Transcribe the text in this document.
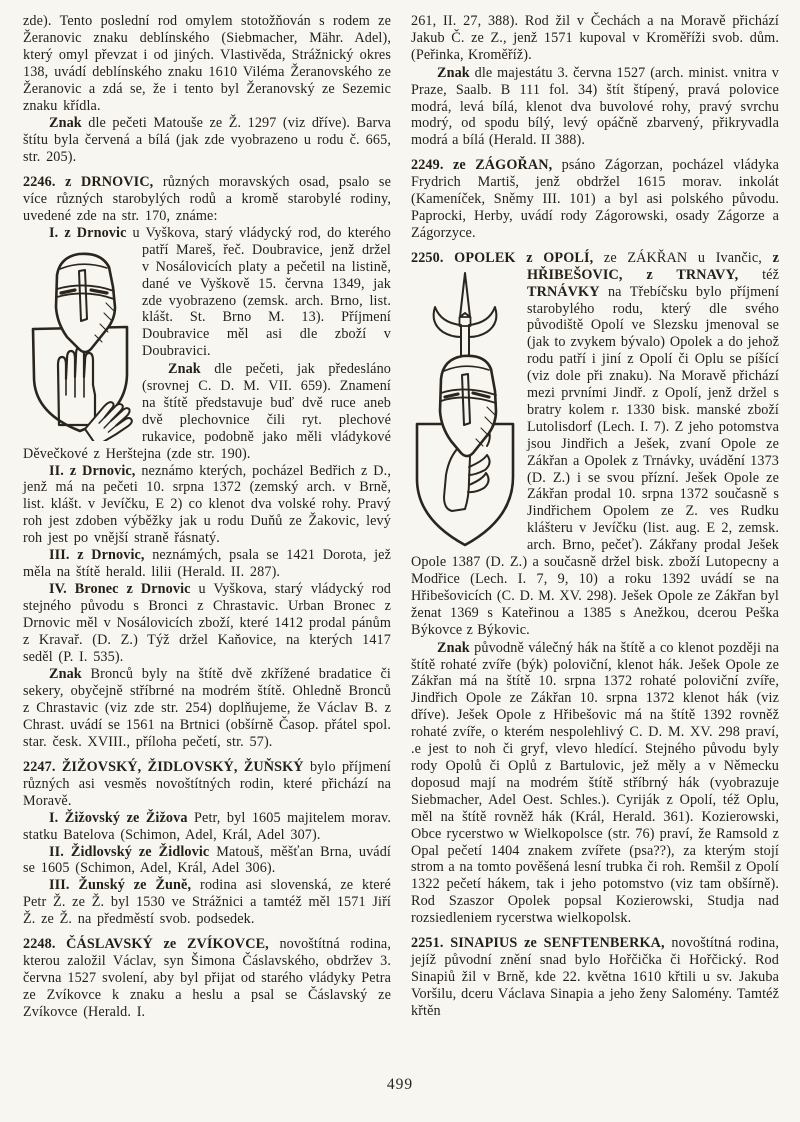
zde). Tento poslední rod omylem stotožňován s rodem ze Žeranovic znaku deblínského (Siebmacher, Mähr. Adel), který omyl převzat i od jiných. Vlastivěda, Strážnický okres 138, uvádí deblínského znaku 1610 Viléma Žeranovského ze Žeranovic a zdá se, že i tento byl Žeranovský ze Sezemic znaku křídla.

Znak dle pečeti Matouše ze Ž. 1297 (viz dříve). Barva štítu byla červená a bílá (jak zde vyobrazeno u rodu č. 665, str. 205).

2246. z DRNOVIC, různých moravských osad, psalo se více různých starobylých rodů a kromě starobylé rodiny, uvedené zde na str. 170, známe:

I. z Drnovic u Vyškova, starý vládycký rod,
do kterého patří Mareš, řeč. Doubravice, jenž držel v Nosálovicích platy a pečetil na listině, dané ve Vyškově 15. června 1349, jak zde vyobrazeno (zemsk. arch. Brno, list. klášt. St. Brno M. 13). Příjmení Doubravice měl asi dle zboží v Doubravici.

Znak dle pečeti, jak předesláno (srovnej C. D. M. VII. 659). Znamení na štítě představuje buď dvě ruce aneb dvě plechovnice čili ryt. plechové rukavice, podobně jako měli vládykové Děvečkové z Herštejna (zde str. 190).

II. z Drnovic, neznámo kterých, pocházel Bedřich z D., jenž má na pečeti 10. srpna 1372 (zemský arch. v Brně, list. klášt. v Jevíčku, E 2) co klenot dva volské rohy. Pravý roh jest zdoben výběžky jak u rodu Duňů ze Žakovic, levý roh jest po vnější straně řásnatý.

III. z Drnovic, neznámých, psala se 1421 Dorota, jež měla na štítě herald. lilii (Herald. II. 287).

IV. Bronec z Drnovic u Vyškova, starý vládycký rod stejného původu s Bronci z Chrastavic. Urban Bronec z Drnovic měl v Nosálovicích zboží, které 1412 prodal pánům z Kravař. (D. Z.) Týž držel Kaňovice, na kterých 1417 seděl (P. I. 535).

Znak Bronců byly na štítě dvě zkřížené bradatice či sekery, obyčejně stříbrné na modrém štítě. Ohledně Bronců z Chrastavic (viz zde str. 254) doplňujeme, že Václav B. z Chrast. uvádí se 1561 na Brtnici (obšírně Časop. přátel spol. star. česk. XVIII., příloha pečetí, str. 57).

2247. ŽIŽOVSKÝ, ŽIDLOVSKÝ, ŽUŇSKÝ bylo příjmení různých asi vesměs novoštítných rodin, které přichází na Moravě.

I. Žižovský ze Žižova Petr, byl 1605 majitelem morav. statku Batelova (Schimon, Adel, Král, Adel 307).

II. Židlovský ze Židlovic Matouš, měšťan Brna, uvádí se 1605 (Schimon, Adel, Král, Adel 306).

III. Žunský ze Žuně, rodina asi slovenská, ze které Petr Ž. ze Ž. byl 1530 ve Strážnici a tamtéž měl 1571 Jiří Ž. ze Ž. na předměstí svob. podsedek.

2248. ČÁSLAVSKÝ ze ZVÍKOVCE, novoštítná rodina, kterou založil Václav, syn Šimona Čáslavského, obdržev 3. června 1527 svolení, aby byl přijat od starého vládyky Petra ze Zvíkovce k znaku a heslu a psal se Čáslavský ze Zvíkovce (Herald. I.

261, II. 27, 388). Rod žil v Čechách a na Moravě přichází Jakub Č. ze Z., jenž 1571 kupoval v Kroměříži svob. dům. (Peřinka, Kroměříž).

Znak dle majestátu 3. června 1527 (arch. minist. vnitra v Praze, Saalb. B 111 fol. 34) štít štípený, pravá polovice modrá, levá bílá, klenot dva buvolové rohy, pravý svrchu modrý, od spodu bílý, levý opáčně zbarvený, přikryvadla modrá a bílá (Herald. II 388).

2249. ze ZÁGOŘAN, psáno Zágorzan, pocházel vládyka Frydrich Martiš, jenž obdržel 1615 morav. inkolát (Kameníček, Sněmy III. 101) a byl asi polského původu. Paprocki, Herby, uvádí rody Zágorowski, osady Zágorze a Zágorzyce.

2250. OPOLEK z OPOLÍ, ze ZÁKŘAN u Ivančic,
z HŘIBEŠOVIC, z TRNAVY, též TRNÁVKY na Třebíčsku bylo příjmení starobylého rodu, který dle svého původiště Opolí ve Slezsku jmenoval se (jak to zvykem bývalo) Opolek a do jehož rodu patří i jiní z Opolí či Oplu se píšící (viz dole při znaku). Na Moravě přichází mezi prvními Jindř. z Opolí, jenž držel s bratry kolem r. 1330 bisk. manské zboží Lutolisdorf (Lech. I. 7). Z jeho potomstva jsou Jindřich a Ješek, zvaní Opole ze Zákřan a Opolek z Trnávky, uvádění 1373 (D. Z.) i se svou přízní. Ješek Opole ze Zákřan prodal 10. srpna 1372 současně s Jindřichem Opolem ze Z. ves Rudku klášteru v Jevíčku (list. aug. E 2, zemsk. arch. Brno, pečeť). Zákřany prodal Ješek Opole 1387 (D. Z.) a současně držel bisk. zboží Lutopecny a Modřice (Lech. I. 7, 9, 10) a roku 1392 uvádí se na Hřibešovicích (C. D. M. XV. 298). Ješek Opole ze Zákřan byl ženat 1369 s Kateřinou a 1385 s Anežkou, dcerou Peška Býkovce z Býkovic.

Znak původně válečný hák na štítě a co klenot později na štítě rohaté zvíře (býk) poloviční, klenot hák. Ješek Opole ze Zákřan má na štítě 10. srpna 1372 rohaté poloviční zvíře, Jindřich Opole ze Zákřan 10. srpna 1372 klenot hák (viz dříve). Ješek Opole z Hřibešovic má na štítě 1392 rovněž rohaté zvíře, o kterém nespolehlivý C. D. M. XV. 298 praví, .e jest to noh či gryf, vlevo hledící. Stejného původu byly rody Opolů či Oplů z Bartulovic, jež měly a v Německu doposud mají na modrém štítě stříbrný hák (vyobrazuje Siebmacher, Adel Oest. Schles.). Cyriják z Opolí, též Oplu, měl na štítě rovněž hák (Král, Herald. 361). Kozierowski, Obce rycerstwo w Wielkopolsce (str. 76) praví, že Ramsold z Opal pečetí 1404 znakem zvířete (psa??), za kterým stojí strom a na tomto pověšená lesní trubka či roh. Remšil z Opolí 1322 pečetí hákem, tak i jeho potomstvo (viz tam obšírně). Rod Szaszor Opolek popsal Kozierowski, Studja nad rozsiedleniem rycerstwa wielkopolsk.

2251. SINAPIUS ze SENFTENBERKA, novoštítná rodina, jejíž původní znění snad bylo Hořčička či Hořčický. Rod Sinapiů žil v Brně, kde 22. května 1610 křtili u sv. Jakuba Voršilu, dceru Václava Sinapia a jeho ženy Salomény. Tamtéž křtěn

499
